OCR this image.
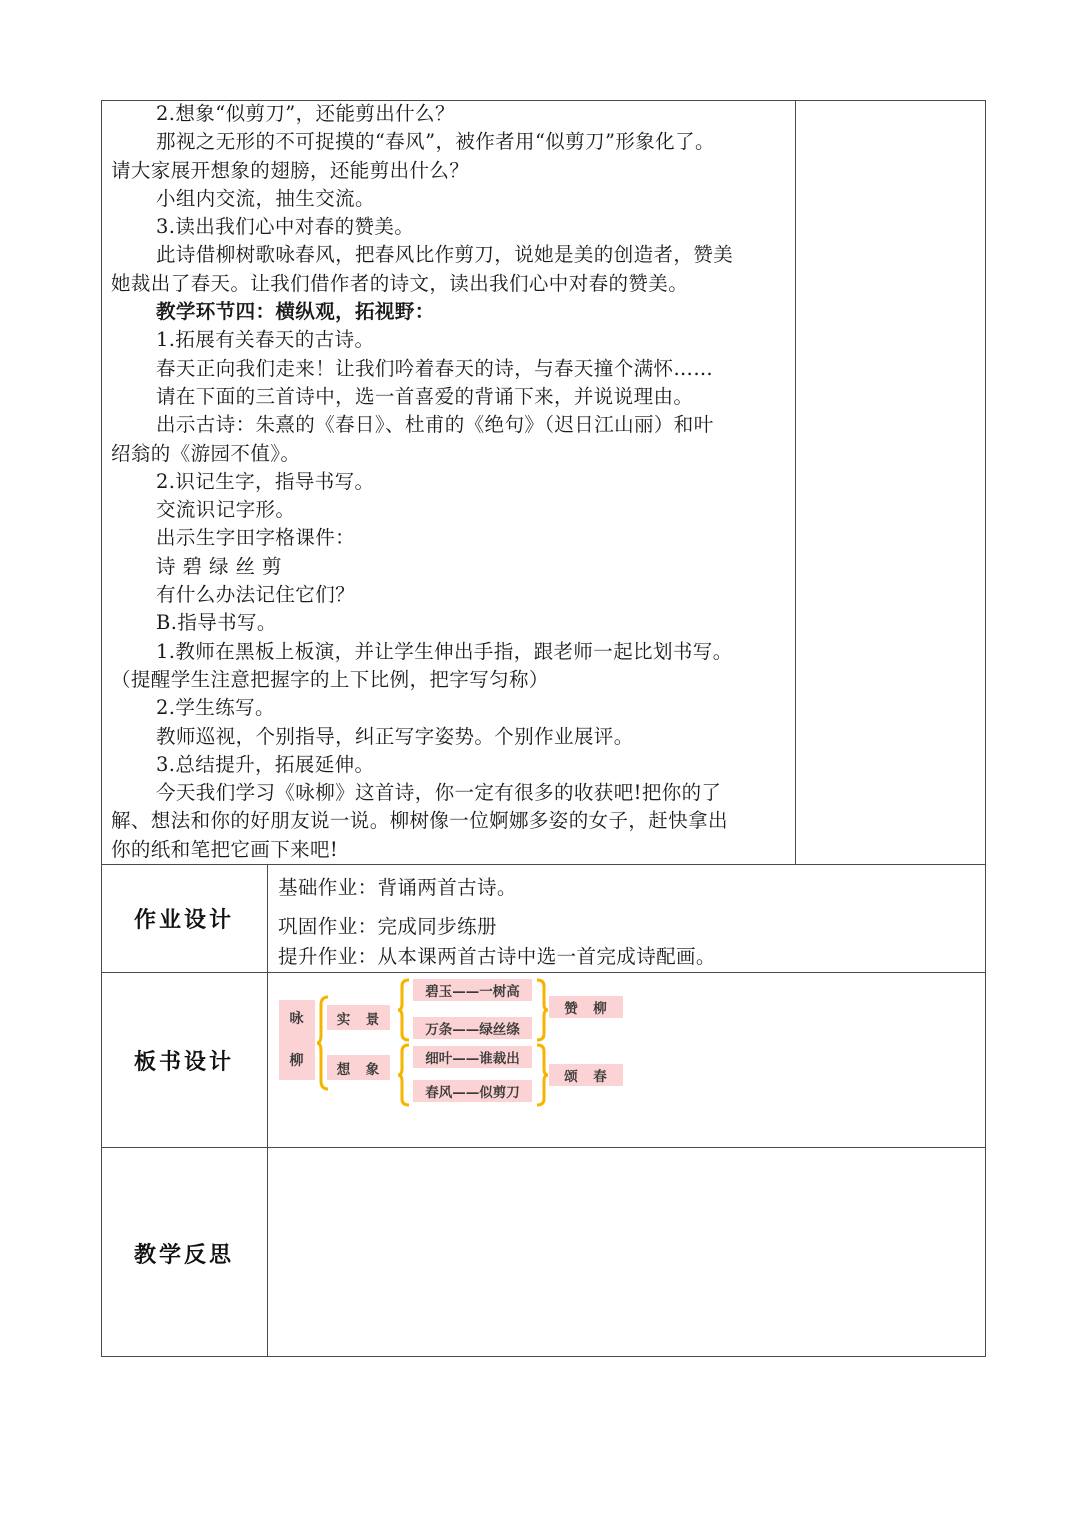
2.想象“似剪刀”，还能剪出什么？

那视之无形的不可捉摸的“春风”，被作者用“似剪刀”形象化了。

请大家展开想象的翅膀，还能剪出什么？

小组内交流，抽生交流。

3.读出我们心中对春的赞美。

此诗借柳树歌咏春风，把春风比作剪刀，说她是美的创造者，赞美

她裁出了春天。让我们借作者的诗文，读出我们心中对春的赞美。

教学环节四：横纵观，拓视野：

1.拓展有关春天的古诗。

春天正向我们走来！让我们吟着春天的诗，与春天撞个满怀……

请在下面的三首诗中，选一首喜爱的背诵下来，并说说理由。

出示古诗：朱熹的《春日》、杜甫的《绝句》（迟日江山丽）和叶

绍翁的《游园不值》。

2.识记生字，指导书写。

交流识记字形。

出示生字田字格课件：

诗 碧 绿 丝 剪

有什么办法记住它们？

B.指导书写。

1.教师在黑板上板演，并让学生伸出手指，跟老师一起比划书写。

（提醒学生注意把握字的上下比例，把字写匀称）

2.学生练写。

教师巡视，个别指导，纠正写字姿势。个别作业展评。

3.总结提升，拓展延伸。

今天我们学习《咏柳》这首诗，你一定有很多的收获吧!把你的了

解、想法和你的好朋友说一说。柳树像一位婀娜多姿的女子，赶快拿出

你的纸和笔把它画下来吧!

作业设计
基础作业：背诵两首古诗。
巩固作业：完成同步练册
提升作业：从本课两首古诗中选一首完成诗配画。
板书设计
咏
柳
实　景
想　象
碧玉——一树高
万条——绿丝绦
细叶——谁裁出
春风——似剪刀
赞　柳
颂　春
教学反思
